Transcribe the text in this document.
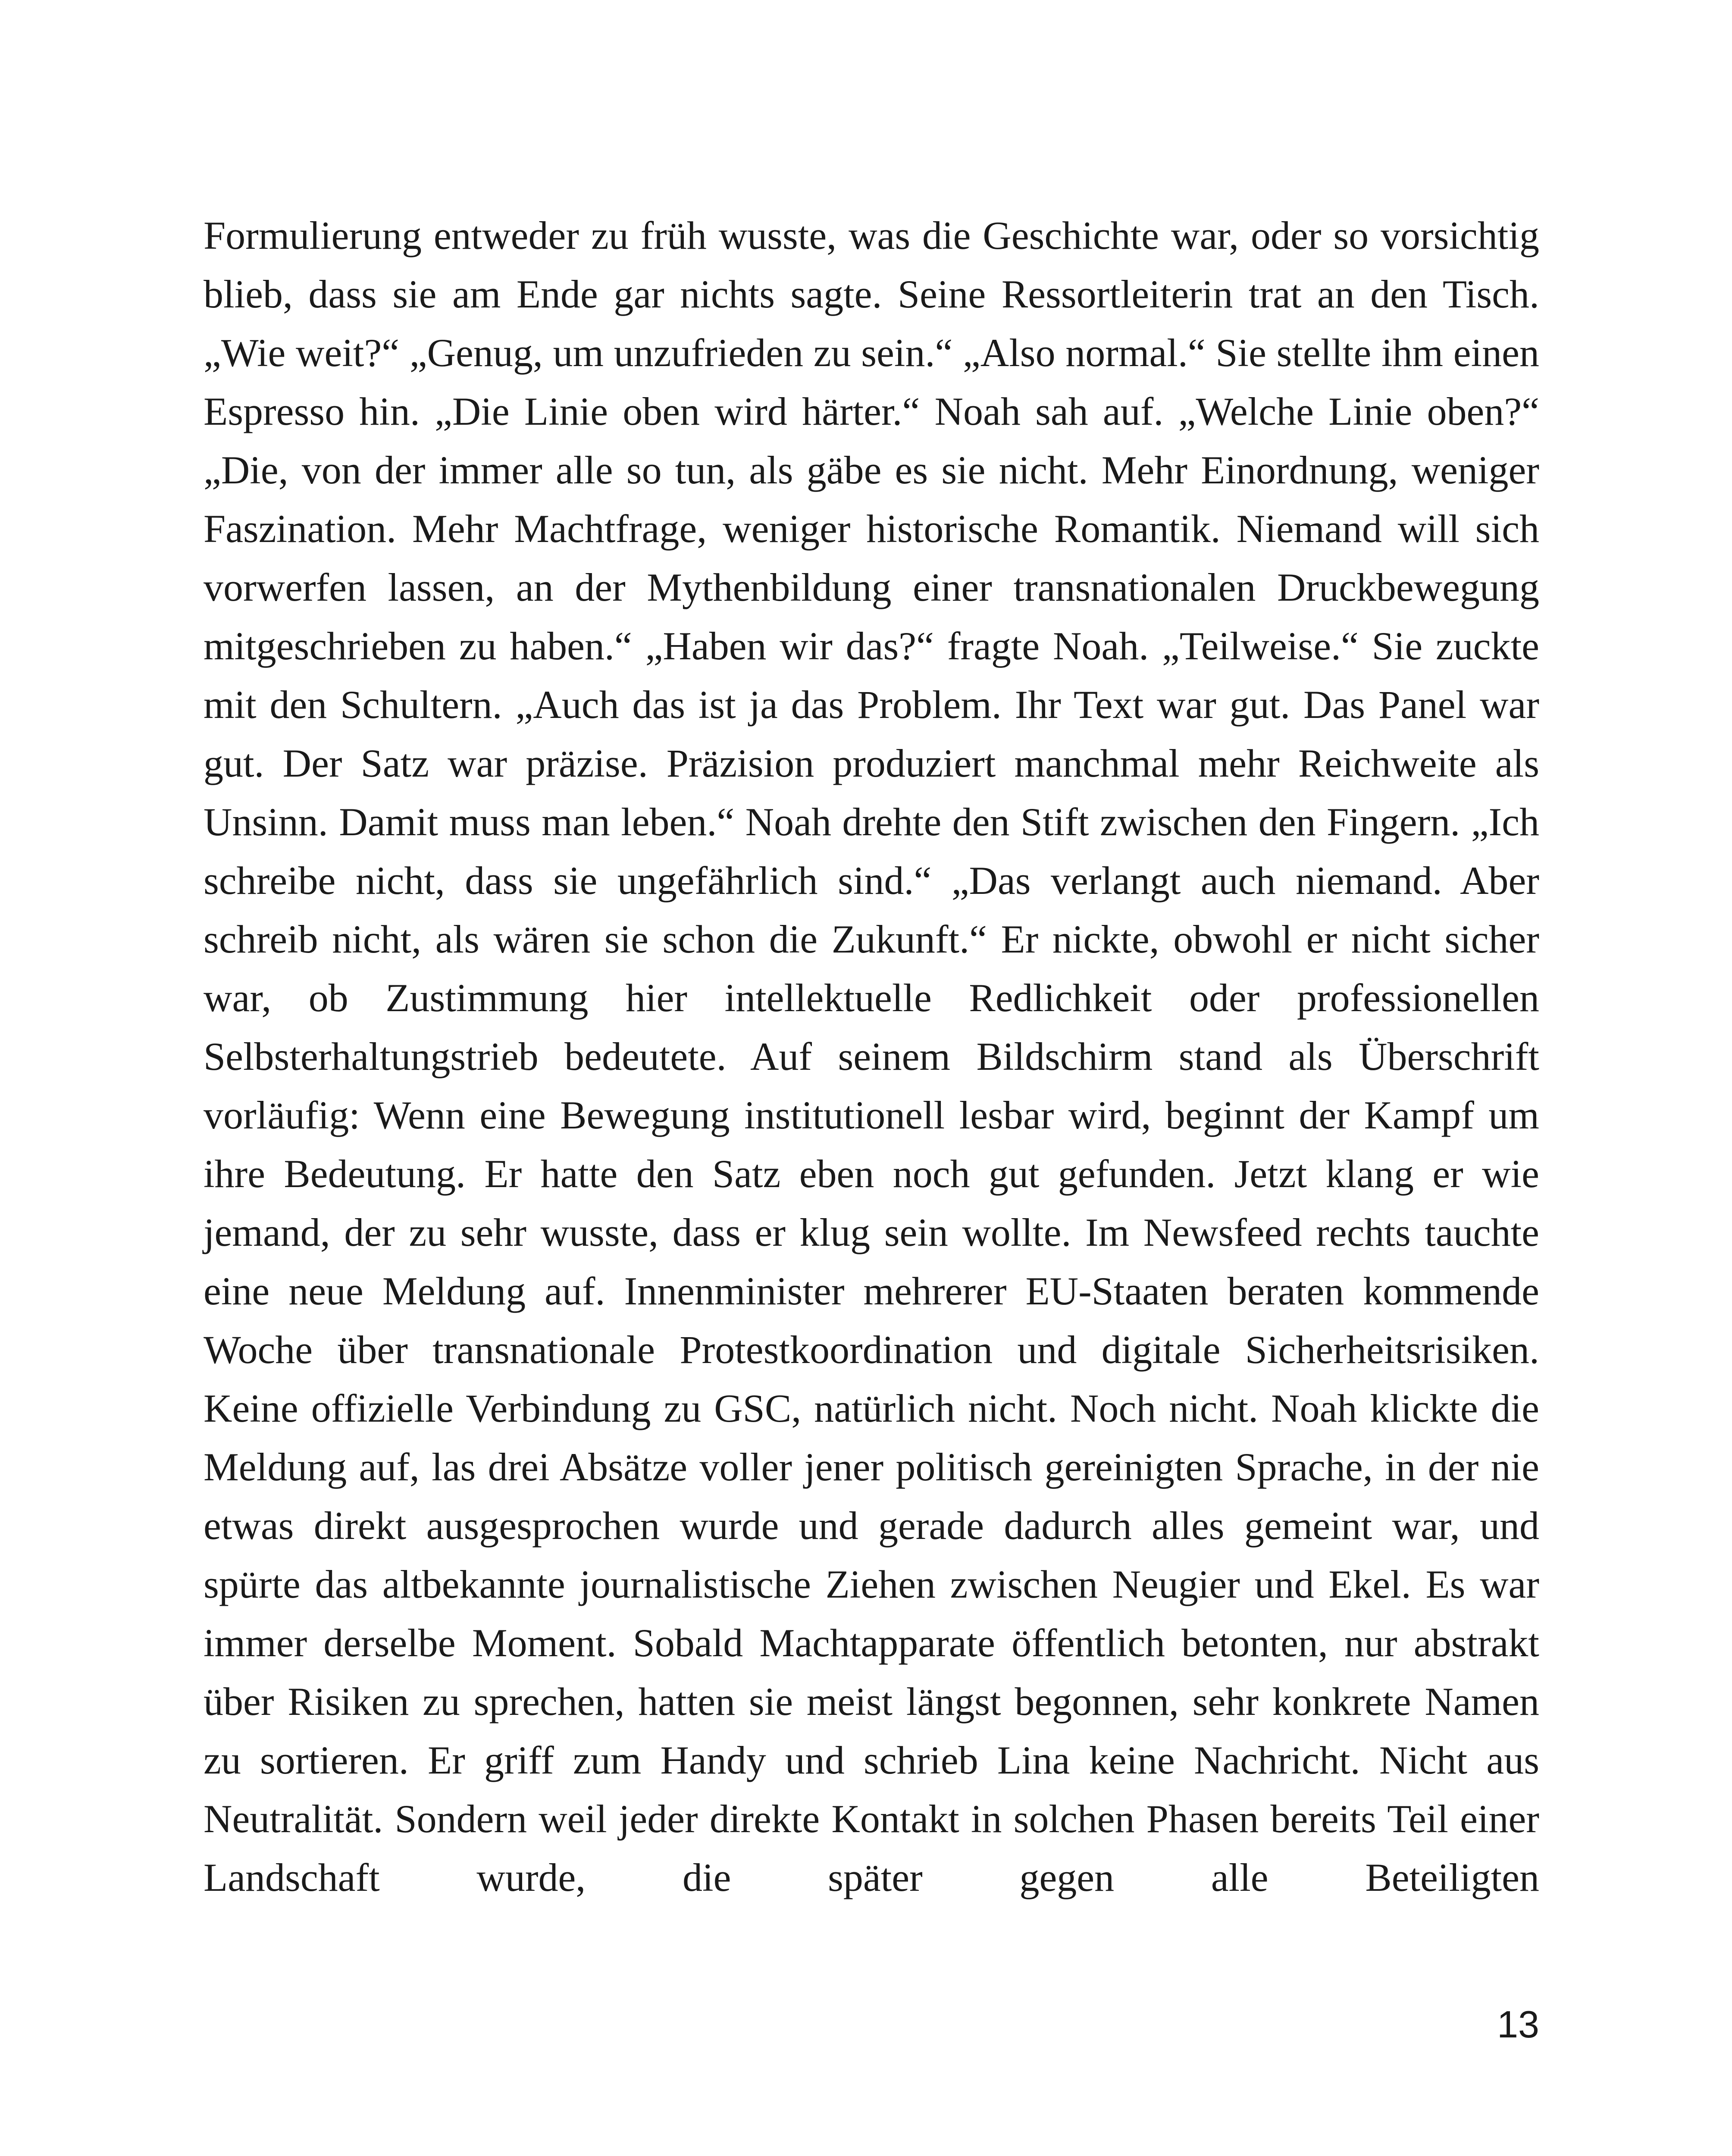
Formulierung entweder zu früh wusste, was die Geschichte war, oder so vorsichtig blieb, dass sie am Ende gar nichts sagte. Seine Ressortleiterin trat an den Tisch. „Wie weit?“ „Genug, um unzufrieden zu sein.“ „Also normal.“ Sie stellte ihm einen Espresso hin. „Die Linie oben wird härter.“ Noah sah auf. „Welche Linie oben?“ „Die, von der immer alle so tun, als gäbe es sie nicht. Mehr Einordnung, weniger Faszination. Mehr Machtfrage, weniger historische Romantik. Niemand will sich vorwerfen lassen, an der Mythenbildung einer transnationalen Druckbewegung mitgeschrieben zu haben.“ „Haben wir das?“ fragte Noah. „Teilweise.“ Sie zuckte mit den Schultern. „Auch das ist ja das Problem. Ihr Text war gut. Das Panel war gut. Der Satz war präzise. Präzision produziert manchmal mehr Reichweite als Unsinn. Damit muss man leben.“ Noah drehte den Stift zwischen den Fingern. „Ich schreibe nicht, dass sie ungefährlich sind.“ „Das verlangt auch niemand. Aber schreib nicht, als wären sie schon die Zukunft.“ Er nickte, obwohl er nicht sicher war, ob Zustimmung hier intellektuelle Redlichkeit oder professionellen Selbsterhaltungstrieb bedeutete. Auf seinem Bildschirm stand als Überschrift vorläufig: Wenn eine Bewegung institutionell lesbar wird, beginnt der Kampf um ihre Bedeutung. Er hatte den Satz eben noch gut gefunden. Jetzt klang er wie jemand, der zu sehr wusste, dass er klug sein wollte. Im Newsfeed rechts tauchte eine neue Meldung auf. Innenminister mehrerer EU-Staaten beraten kommende Woche über transnationale Protestkoordination und digitale Sicherheitsrisiken. Keine offizielle Verbindung zu GSC, natürlich nicht. Noch nicht. Noah klickte die Meldung auf, las drei Absätze voller jener politisch gereinigten Sprache, in der nie etwas direkt ausgesprochen wurde und gerade dadurch alles gemeint war, und spürte das altbekannte journalistische Ziehen zwischen Neugier und Ekel. Es war immer derselbe Moment. Sobald Machtapparate öffentlich betonten, nur abstrakt über Risiken zu sprechen, hatten sie meist längst begonnen, sehr konkrete Namen zu sortieren. Er griff zum Handy und schrieb Lina keine Nachricht. Nicht aus Neutralität. Sondern weil jeder direkte Kontakt in solchen Phasen bereits Teil einer Landschaft wurde, die später gegen alle Beteiligten

13
